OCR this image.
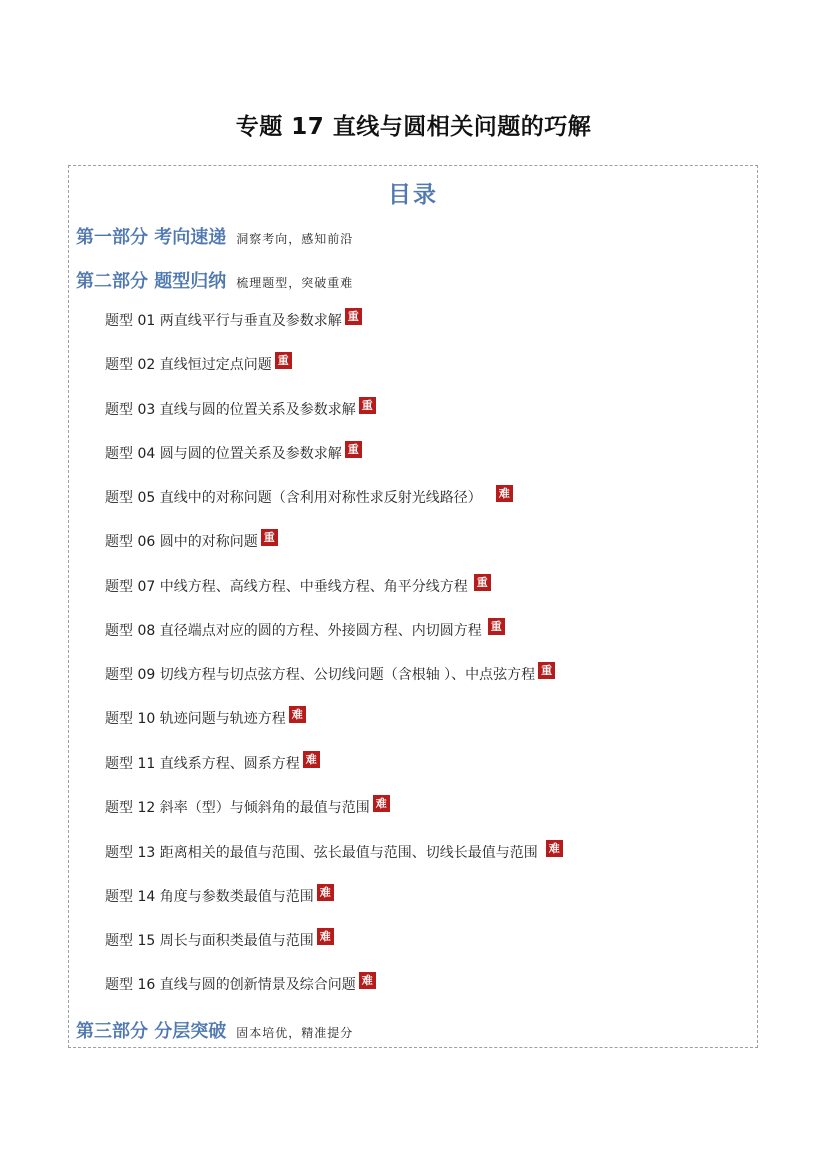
专题 17 直线与圆相关问题的巧解
目录
第一部分 考向速递 洞察考向，感知前沿
第二部分 题型归纳 梳理题型，突破重难
题型 01 两直线平行与垂直及参数求解 重
题型 02 直线恒过定点问题 重
题型 03 直线与圆的位置关系及参数求解 重
题型 04 圆与圆的位置关系及参数求解 重
题型 05 直线中的对称问题（含利用对称性求反射光线路径） 难
题型 06 圆中的对称问题 重
题型 07 中线方程、高线方程、中垂线方程、角平分线方程 重
题型 08 直径端点对应的圆的方程、外接圆方程、内切圆方程 重
题型 09 切线方程与切点弦方程、公切线问题（含根轴 ）、中点弦方程 重
题型 10 轨迹问题与轨迹方程 难
题型 11 直线系方程、圆系方程 难
题型 12 斜率（型）与倾斜角的最值与范围 难
题型 13 距离相关的最值与范围、弦长最值与范围、切线长最值与范围 难
题型 14 角度与参数类最值与范围 难
题型 15 周长与面积类最值与范围 难
题型 16 直线与圆的创新情景及综合问题 难
第三部分 分层突破 固本培优，精准提分
